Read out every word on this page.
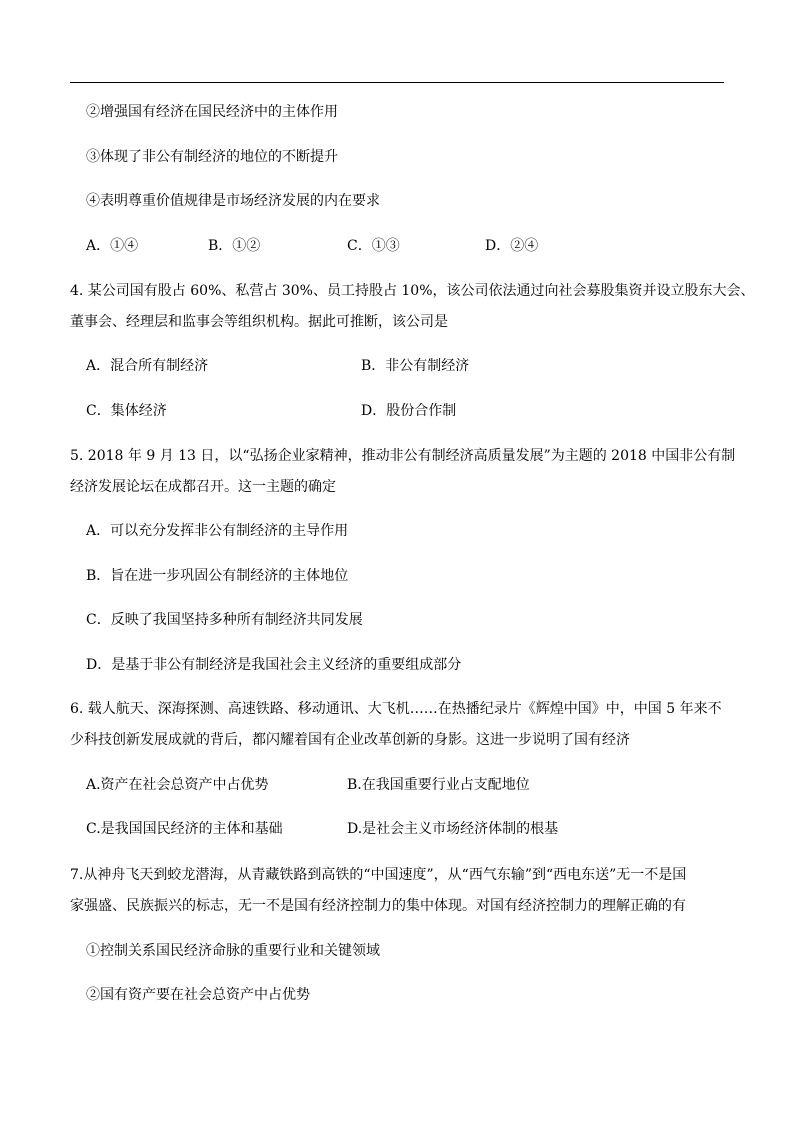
②增强国有经济在国民经济中的主体作用
③体现了非公有制经济的地位的不断提升
④表明尊重价值规律是市场经济发展的内在要求
A．①④	B．①②	C．①③	D．②④
4. 某公司国有股占 60%、私营占 30%、员工持股占 10%，该公司依法通过向社会募股集资并设立股东大会、
董事会、经理层和监事会等组织机构。据此可推断，该公司是
A．混合所有制经济	B．非公有制经济
C．集体经济	D．股份合作制
5. 2018 年 9 月 13 日，以“弘扬企业家精神，推动非公有制经济高质量发展”为主题的 2018 中国非公有制
经济发展论坛在成都召开。这一主题的确定
A．可以充分发挥非公有制经济的主导作用
B．旨在进一步巩固公有制经济的主体地位
C．反映了我国坚持多种所有制经济共同发展
D．是基于非公有制经济是我国社会主义经济的重要组成部分
6. 载人航天、深海探测、高速铁路、移动通讯、大飞机……在热播纪录片《辉煌中国》中，中国 5 年来不
少科技创新发展成就的背后，都闪耀着国有企业改革创新的身影。这进一步说明了国有经济
A.资产在社会总资产中占优势	B.在我国重要行业占支配地位
C.是我国国民经济的主体和基础	D.是社会主义市场经济体制的根基
7.从神舟飞天到蛟龙潜海，从青藏铁路到高铁的“中国速度”，从“西气东输”到“西电东送”无一不是国
家强盛、民族振兴的标志，无一不是国有经济控制力的集中体现。对国有经济控制力的理解正确的有
①控制关系国民经济命脉的重要行业和关键领域
②国有资产要在社会总资产中占优势
